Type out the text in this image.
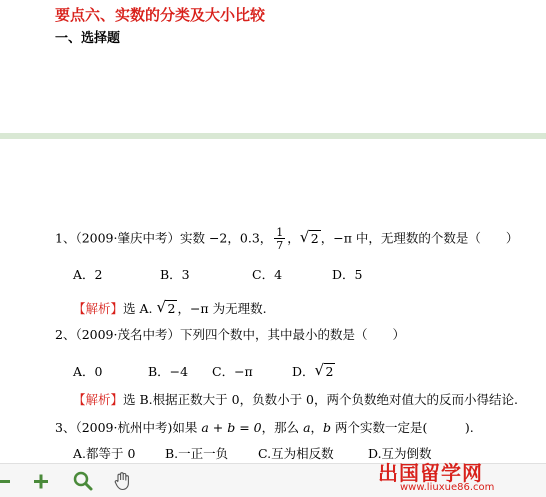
要点六、实数的分类及大小比较
一、选择题
1、（2009·肇庆中考）实数 −2，0.3， $\frac{1}{7}$ ， √ 2 ，−π 中，无理数的个数是（　　）
A．2	B．3	C．4	D．5
【解析】选 A. √ 2 ，−π 为无理数.
2、（2009·茂名中考）下列四个数中，其中最小的数是（　　）
A．0	B．−4 C．−π	D． √ 2
【解析】选 B.根据正数大于 0，负数小于 0，两个负数绝对值大的反而小得结论.
3、（2009·杭州中考)如果 a + b = 0，那么 a，b 两个实数一定是(　　　).
A.都等于 0 B.一正一负 C.互为相反数	D.互为倒数
出国留学网
www.liuxue86.com
